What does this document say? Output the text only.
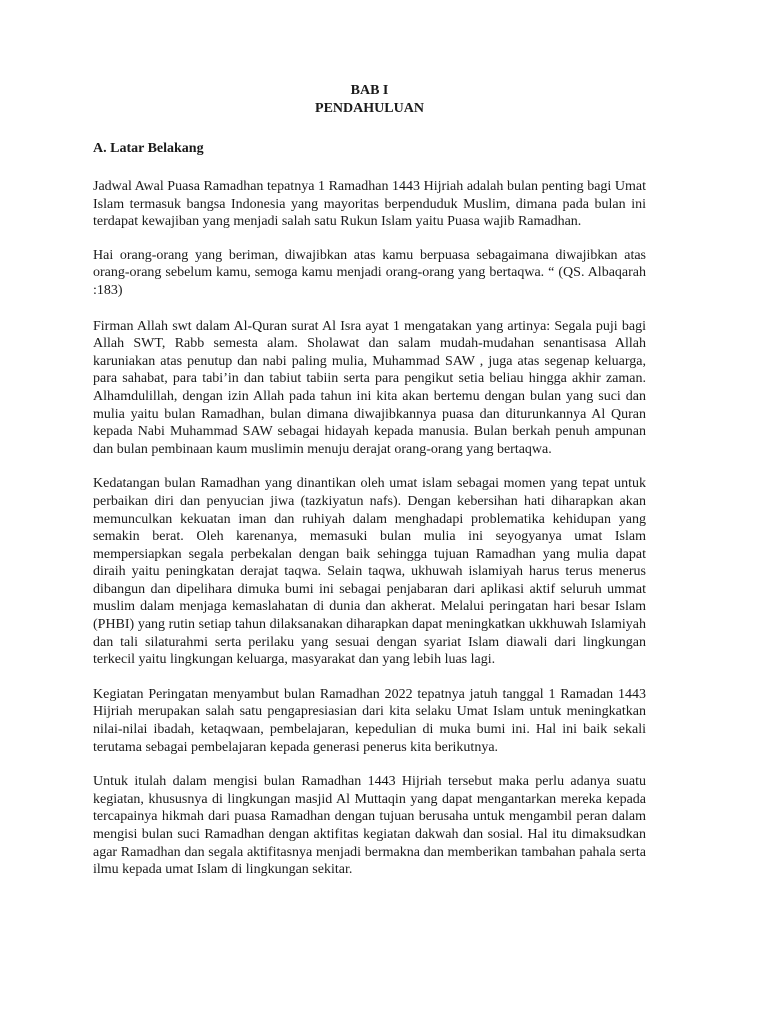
BAB I

PENDAHULUAN

A. Latar Belakang

Jadwal Awal Puasa Ramadhan tepatnya 1 Ramadhan 1443 Hijriah adalah bulan penting bagi Umat Islam termasuk bangsa Indonesia yang mayoritas berpenduduk Muslim, dimana pada bulan ini terdapat kewajiban yang menjadi salah satu Rukun Islam yaitu Puasa wajib Ramadhan.

Hai orang-orang yang beriman, diwajibkan atas kamu berpuasa sebagaimana diwajibkan atas orang-orang sebelum kamu, semoga kamu menjadi orang-orang yang bertaqwa. “ (QS. Albaqarah :183)

Firman Allah swt dalam Al-Quran surat Al Isra ayat 1 mengatakan yang artinya: Segala puji bagi Allah SWT, Rabb semesta alam. Sholawat dan salam mudah-mudahan senantisasa Allah karuniakan atas penutup dan nabi paling mulia, Muhammad SAW , juga atas segenap keluarga, para sahabat, para tabi’in dan tabiut tabiin serta para pengikut setia beliau hingga akhir zaman. Alhamdulillah, dengan izin Allah pada tahun ini kita akan bertemu dengan bulan yang suci dan mulia yaitu bulan Ramadhan, bulan dimana diwajibkannya puasa dan diturunkannya Al Quran kepada Nabi Muhammad SAW sebagai hidayah kepada manusia. Bulan berkah penuh ampunan dan bulan pembinaan kaum muslimin menuju derajat orang-orang yang bertaqwa.

Kedatangan bulan Ramadhan yang dinantikan oleh umat islam sebagai momen yang tepat untuk perbaikan diri dan penyucian jiwa (tazkiyatun nafs). Dengan kebersihan hati diharapkan akan memunculkan kekuatan iman dan ruhiyah dalam menghadapi problematika kehidupan yang semakin berat. Oleh karenanya, memasuki bulan mulia ini seyogyanya umat Islam mempersiapkan segala perbekalan dengan baik sehingga tujuan Ramadhan yang mulia dapat diraih yaitu peningkatan derajat taqwa. Selain taqwa, ukhuwah islamiyah harus terus menerus dibangun dan dipelihara dimuka bumi ini sebagai penjabaran dari aplikasi aktif seluruh ummat muslim dalam menjaga kemaslahatan di dunia dan akherat. Melalui peringatan hari besar Islam (PHBI) yang rutin setiap tahun dilaksanakan diharapkan dapat meningkatkan ukkhuwah Islamiyah dan tali silaturahmi serta perilaku yang sesuai dengan syariat Islam diawali dari lingkungan terkecil yaitu lingkungan keluarga, masyarakat dan yang lebih luas lagi.

Kegiatan Peringatan menyambut bulan Ramadhan 2022 tepatnya jatuh tanggal 1 Ramadan 1443 Hijriah merupakan salah satu pengapresiasian dari kita selaku Umat Islam untuk meningkatkan nilai-nilai ibadah, ketaqwaan, pembelajaran, kepedulian di muka bumi ini. Hal ini baik sekali terutama sebagai pembelajaran kepada generasi penerus kita berikutnya.

Untuk itulah dalam mengisi bulan Ramadhan 1443 Hijriah tersebut maka perlu adanya suatu kegiatan, khususnya di lingkungan masjid Al Muttaqin yang dapat mengantarkan mereka kepada tercapainya hikmah dari puasa Ramadhan dengan tujuan berusaha untuk mengambil peran dalam mengisi bulan suci Ramadhan dengan aktifitas kegiatan dakwah dan sosial. Hal itu dimaksudkan agar Ramadhan dan segala aktifitasnya menjadi bermakna dan memberikan tambahan pahala serta ilmu kepada umat Islam di lingkungan sekitar.
